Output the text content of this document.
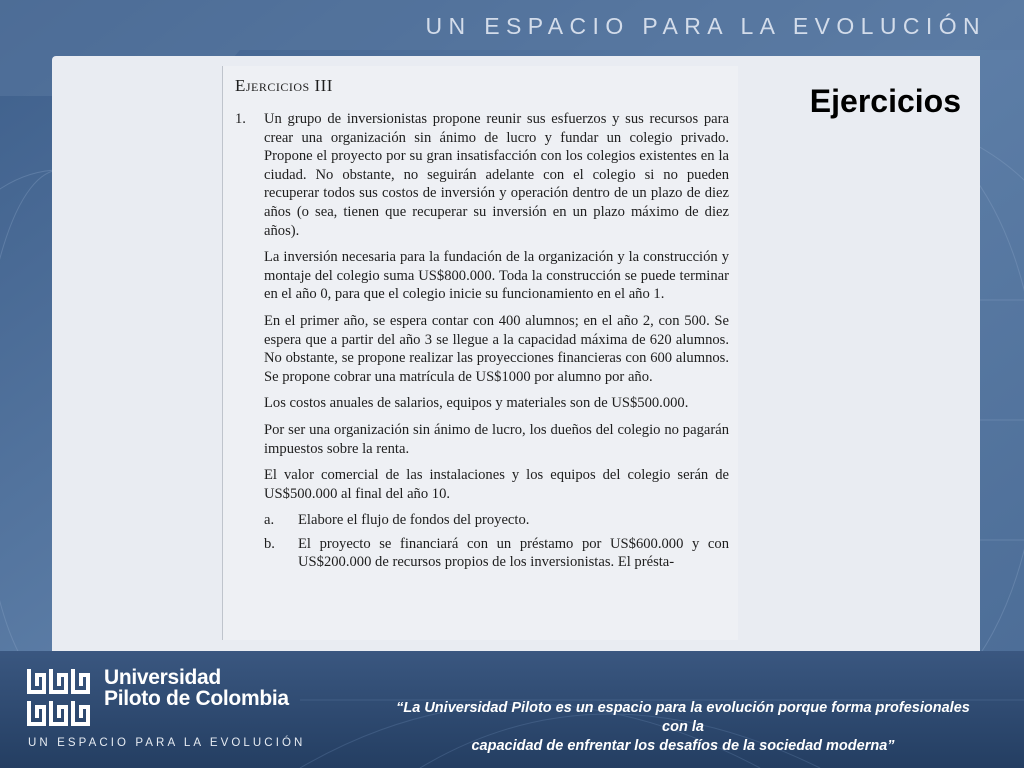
UN ESPACIO PARA LA EVOLUCIÓN
Ejercicios
Ejercicios III
1.	Un grupo de inversionistas propone reunir sus esfuerzos y sus recursos para crear una organización sin ánimo de lucro y fundar un colegio privado. Propone el proyecto por su gran insatisfacción con los colegios existentes en la ciudad. No obstante, no seguirán adelante con el colegio si no pueden recuperar todos sus costos de inversión y operación dentro de un plazo de diez años (o sea, tienen que recuperar su inversión en un plazo máximo de diez años).
La inversión necesaria para la fundación de la organización y la construcción y montaje del colegio suma US$800.000. Toda la construcción se puede terminar en el año 0, para que el colegio inicie su funcionamiento en el año 1.
En el primer año, se espera contar con 400 alumnos; en el año 2, con 500. Se espera que a partir del año 3 se llegue a la capacidad máxima de 620 alumnos. No obstante, se propone realizar las proyecciones financieras con 600 alumnos. Se propone cobrar una matrícula de US$1000 por alumno por año.
Los costos anuales de salarios, equipos y materiales son de US$500.000.
Por ser una organización sin ánimo de lucro, los dueños del colegio no pagarán impuestos sobre la renta.
El valor comercial de las instalaciones y los equipos del colegio serán de US$500.000 al final del año 10.
a.	Elabore el flujo de fondos del proyecto.
b.	El proyecto se financiará con un préstamo por US$600.000 y con US$200.000 de recursos propios de los inversionistas. El présta-
Universidad
Piloto de Colombia
UN ESPACIO PARA LA EVOLUCIÓN
“La Universidad Piloto es un espacio para la evolución porque forma profesionales con la
capacidad de enfrentar los desafíos de la sociedad moderna”
